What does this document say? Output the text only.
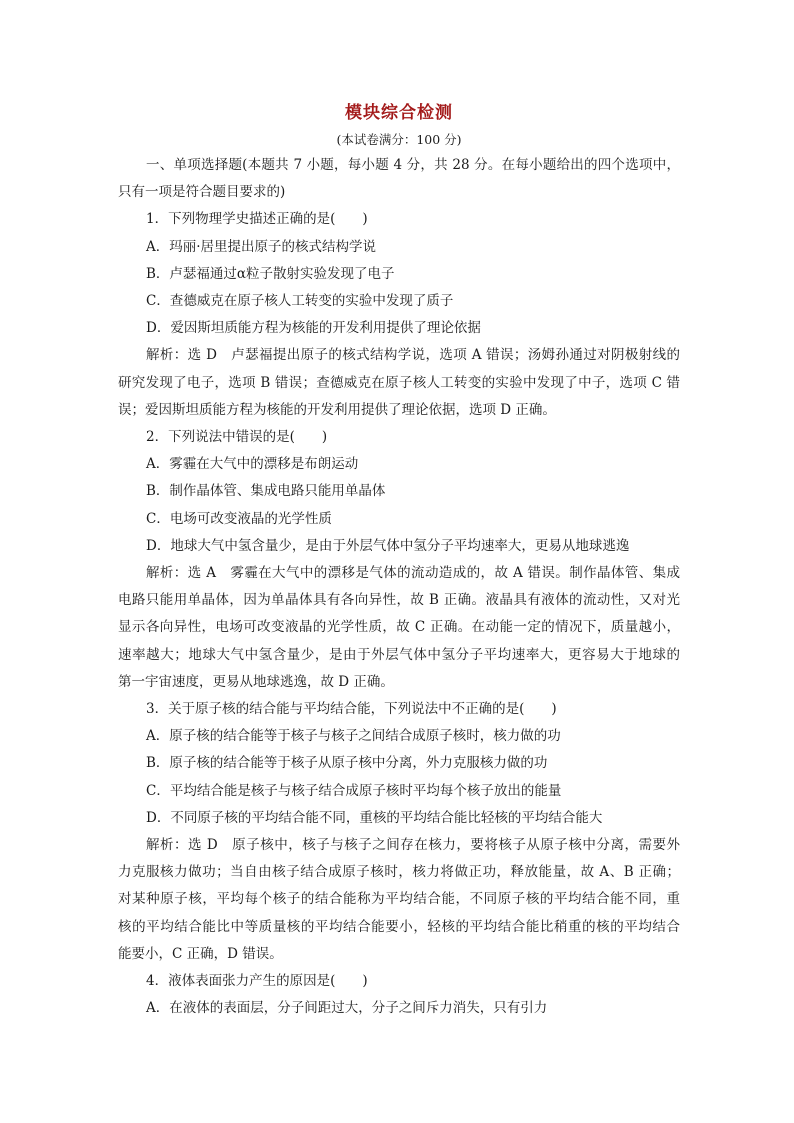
模块综合检测
(本试卷满分：100 分)
一、单项选择题(本题共 7 小题，每小题 4 分，共 28 分。在每小题给出的四个选项中，
只有一项是符合题目要求的)
1．下列物理学史描述正确的是(　　)
A．玛丽·居里提出原子的核式结构学说
B．卢瑟福通过α粒子散射实验发现了电子
C．查德威克在原子核人工转变的实验中发现了质子
D．爱因斯坦质能方程为核能的开发利用提供了理论依据
解析：选 D　卢瑟福提出原子的核式结构学说，选项 A 错误；汤姆孙通过对阴极射线的
研究发现了电子，选项 B 错误；查德威克在原子核人工转变的实验中发现了中子，选项 C 错
误；爱因斯坦质能方程为核能的开发利用提供了理论依据，选项 D 正确。
2．下列说法中错误的是(　　)
A．雾霾在大气中的漂移是布朗运动
B．制作晶体管、集成电路只能用单晶体
C．电场可改变液晶的光学性质
D．地球大气中氢含量少，是由于外层气体中氢分子平均速率大，更易从地球逃逸
解析：选 A　雾霾在大气中的漂移是气体的流动造成的，故 A 错误。制作晶体管、集成
电路只能用单晶体，因为单晶体具有各向异性，故 B 正确。液晶具有液体的流动性，又对光
显示各向异性，电场可改变液晶的光学性质，故 C 正确。在动能一定的情况下，质量越小，
速率越大；地球大气中氢含量少，是由于外层气体中氢分子平均速率大，更容易大于地球的
第一宇宙速度，更易从地球逃逸，故 D 正确。
3．关于原子核的结合能与平均结合能，下列说法中不正确的是(　　)
A．原子核的结合能等于核子与核子之间结合成原子核时，核力做的功
B．原子核的结合能等于核子从原子核中分离，外力克服核力做的功
C．平均结合能是核子与核子结合成原子核时平均每个核子放出的能量
D．不同原子核的平均结合能不同，重核的平均结合能比轻核的平均结合能大
解析：选 D　原子核中，核子与核子之间存在核力，要将核子从原子核中分离，需要外
力克服核力做功；当自由核子结合成原子核时，核力将做正功，释放能量，故 A、B 正确；
对某种原子核，平均每个核子的结合能称为平均结合能，不同原子核的平均结合能不同，重
核的平均结合能比中等质量核的平均结合能要小，轻核的平均结合能比稍重的核的平均结合
能要小，C 正确，D 错误。
4．液体表面张力产生的原因是(　　)
A．在液体的表面层，分子间距过大，分子之间斥力消失，只有引力
